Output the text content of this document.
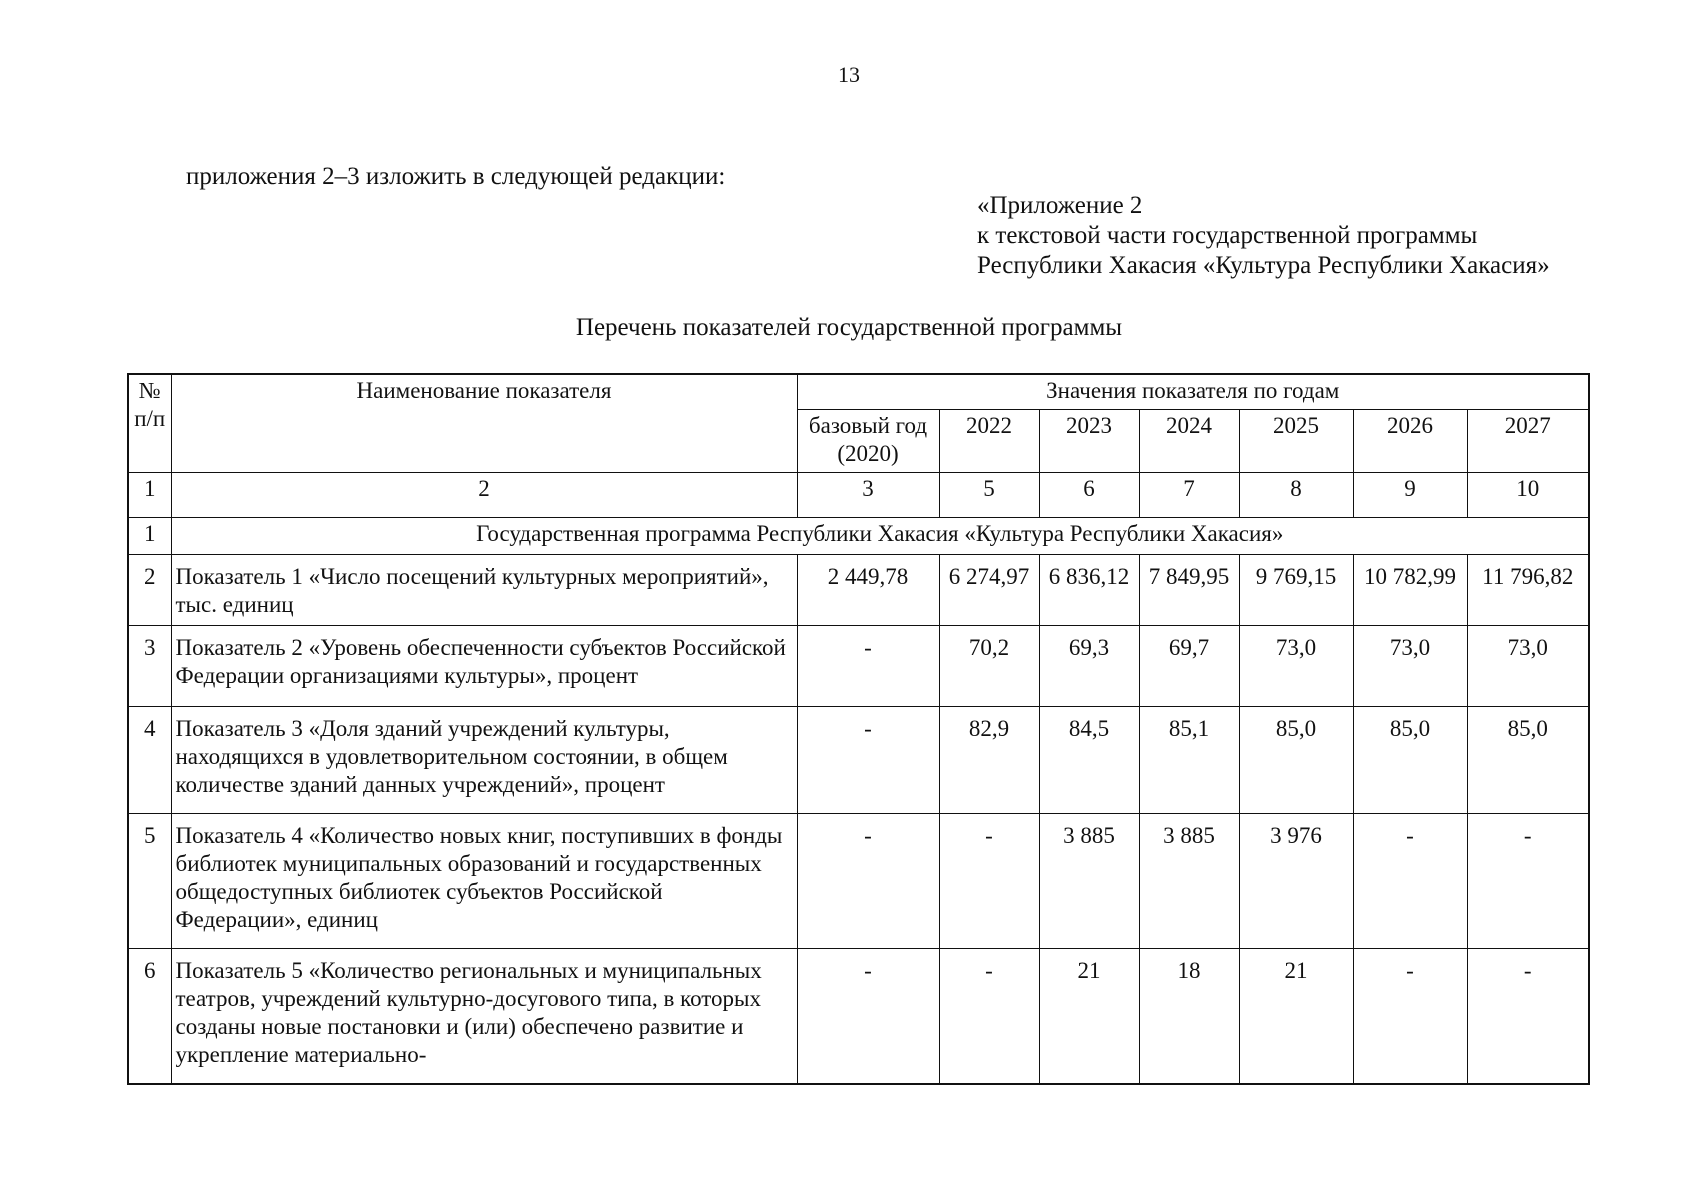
13
приложения 2–3 изложить в следующей редакции:
«Приложение 2
к текстовой части государственной программы
Республики Хакасия «Культура Республики Хакасия»
Перечень показателей государственной программы
№ п/п	Наименование показателя	Значения показателя по годам						
		базовый год (2020)	2022	2023	2024	2025	2026	2027
1	2	3	5	6	7	8	9	10
1	Государственная программа Республики Хакасия «Культура Республики Хакасия»							
2	Показатель 1 «Число посещений культурных мероприятий», тыс. единиц	2 449,78	6 274,97	6 836,12	7 849,95	9 769,15	10 782,99	11 796,82
3	Показатель 2 «Уровень обеспеченности субъектов Российской Федерации организациями культуры», процент	-	70,2	69,3	69,7	73,0	73,0	73,0
4	Показатель 3 «Доля зданий учреждений культуры, находящихся в удовлетворительном состоянии, в общем количестве зданий данных учреждений», процент	-	82,9	84,5	85,1	85,0	85,0	85,0
5	Показатель 4 «Количество новых книг, поступивших в фонды библиотек муниципальных образований и государственных общедоступных библиотек субъектов Российской Федерации», единиц	-	-	3 885	3 885	3 976	-	-
6	Показатель 5 «Количество региональных и муниципальных театров, учреждений культурно-досугового типа, в которых созданы новые постановки и (или) обеспечено развитие и укрепление материально-	-	-	21	18	21	-	-
